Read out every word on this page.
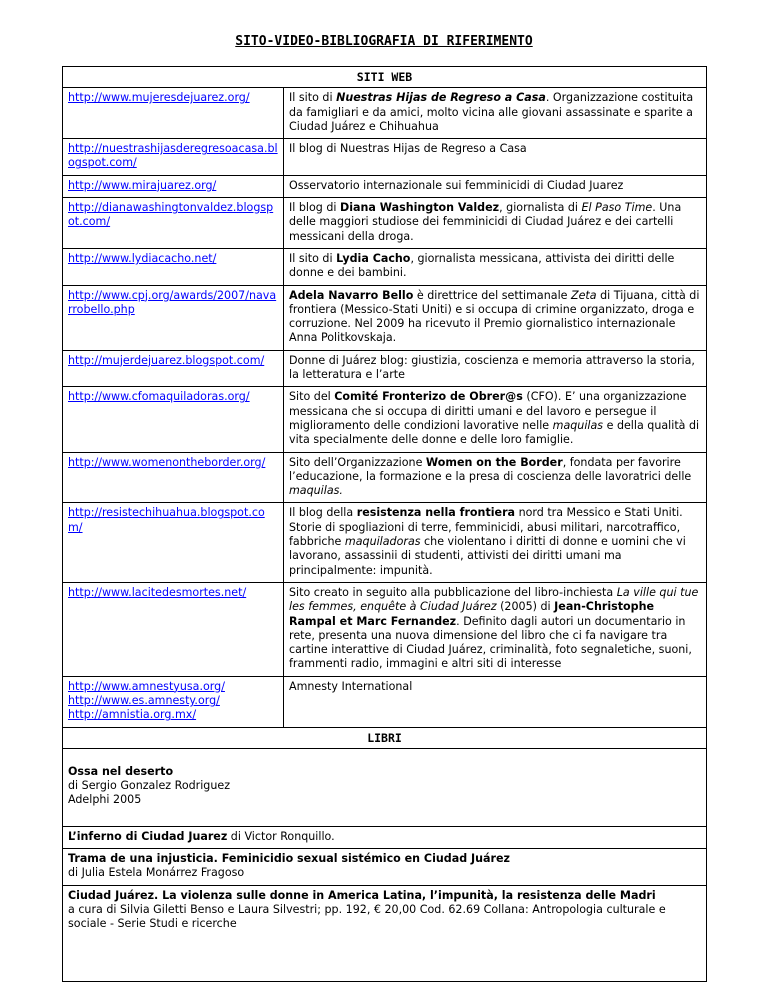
SITO-VIDEO-BIBLIOGRAFIA DI RIFERIMENTO
SITI WEB	

http://www.mujeresdejuarez.org/	Il sito di Nuestras Hijas de Regreso a Casa. Organizzazione costituita da famigliari e da amici, molto vicina alle giovani assassinate e sparite a Ciudad Juárez e Chihuahua

http://nuestrashijasderegresoacasa.blogspot.com/	Il blog di Nuestras Hijas de Regreso a Casa

http://www.mirajuarez.org/	Osservatorio internazionale sui femminicidi di Ciudad Juarez

http://dianawashingtonvaldez.blogspot.com/	Il blog di Diana Washington Valdez, giornalista di El Paso Time. Una delle maggiori studiose dei femminicidi di Ciudad Juárez e dei cartelli messicani della droga.

http://www.lydiacacho.net/	Il sito di Lydia Cacho, giornalista messicana, attivista dei diritti delle donne e dei bambini.

http://www.cpj.org/awards/2007/navarrobello.php	Adela Navarro Bello è direttrice del settimanale Zeta di Tijuana, città di frontiera (Messico-Stati Uniti) e si occupa di crimine organizzato, droga e corruzione. Nel 2009 ha ricevuto il Premio giornalistico internazionale Anna Politkovskaja.

http://mujerdejuarez.blogspot.com/	Donne di Juárez blog: giustizia, coscienza e memoria attraverso la storia, la letteratura e l’arte

http://www.cfomaquiladoras.org/	Sito del Comité Fronterizo de Obrer@s (CFO). E’ una organizzazione messicana che si occupa di diritti umani e del lavoro e persegue il miglioramento delle condizioni lavorative nelle maquilas e della qualità di vita specialmente delle donne e delle loro famiglie.

http://www.womenontheborder.org/	Sito dell’Organizzazione Women on the Border, fondata per favorire l’educazione, la formazione e la presa di coscienza delle lavoratrici delle maquilas.

http://resistechihuahua.blogspot.com/	Il blog della resistenza nella frontiera nord tra Messico e Stati Uniti. Storie di spogliazioni di terre, femminicidi, abusi militari, narcotraffico, fabbriche maquiladoras che violentano i diritti di donne e uomini che vi lavorano, assassinii di studenti, attivisti dei diritti umani ma principalmente: impunità.

http://www.lacitedesmortes.net/	Sito creato in seguito alla pubblicazione del libro-inchiesta La ville qui tue les femmes, enquête à Ciudad Juárez (2005) di Jean-Christophe Rampal et Marc Fernandez. Definito dagli autori un documentario in rete, presenta una nuova dimensione del libro che ci fa navigare tra cartine interattive di Ciudad Juárez, criminalità, foto segnaletiche, suoni, frammenti radio, immagini e altri siti di interesse

http://www.amnestyusa.org/
http://www.es.amnesty.org/
http://amnistia.org.mx/	Amnesty International
LIBRI	

Ossa nel deserto
di Sergio Gonzalez Rodriguez
Adelphi 2005	

L’inferno di Ciudad Juarez di Victor Ronquillo.	

Trama de una injusticia. Feminicidio sexual sistémico en Ciudad Juárez
di Julia Estela Monárrez Fragoso	

Ciudad Juárez. La violenza sulle donne in America Latina, l’impunità, la resistenza delle Madri
a cura di Silvia Giletti Benso e Laura Silvestri; pp. 192, € 20,00 Cod. 62.69 Collana: Antropologia culturale e sociale - Serie Studi e ricerche	
